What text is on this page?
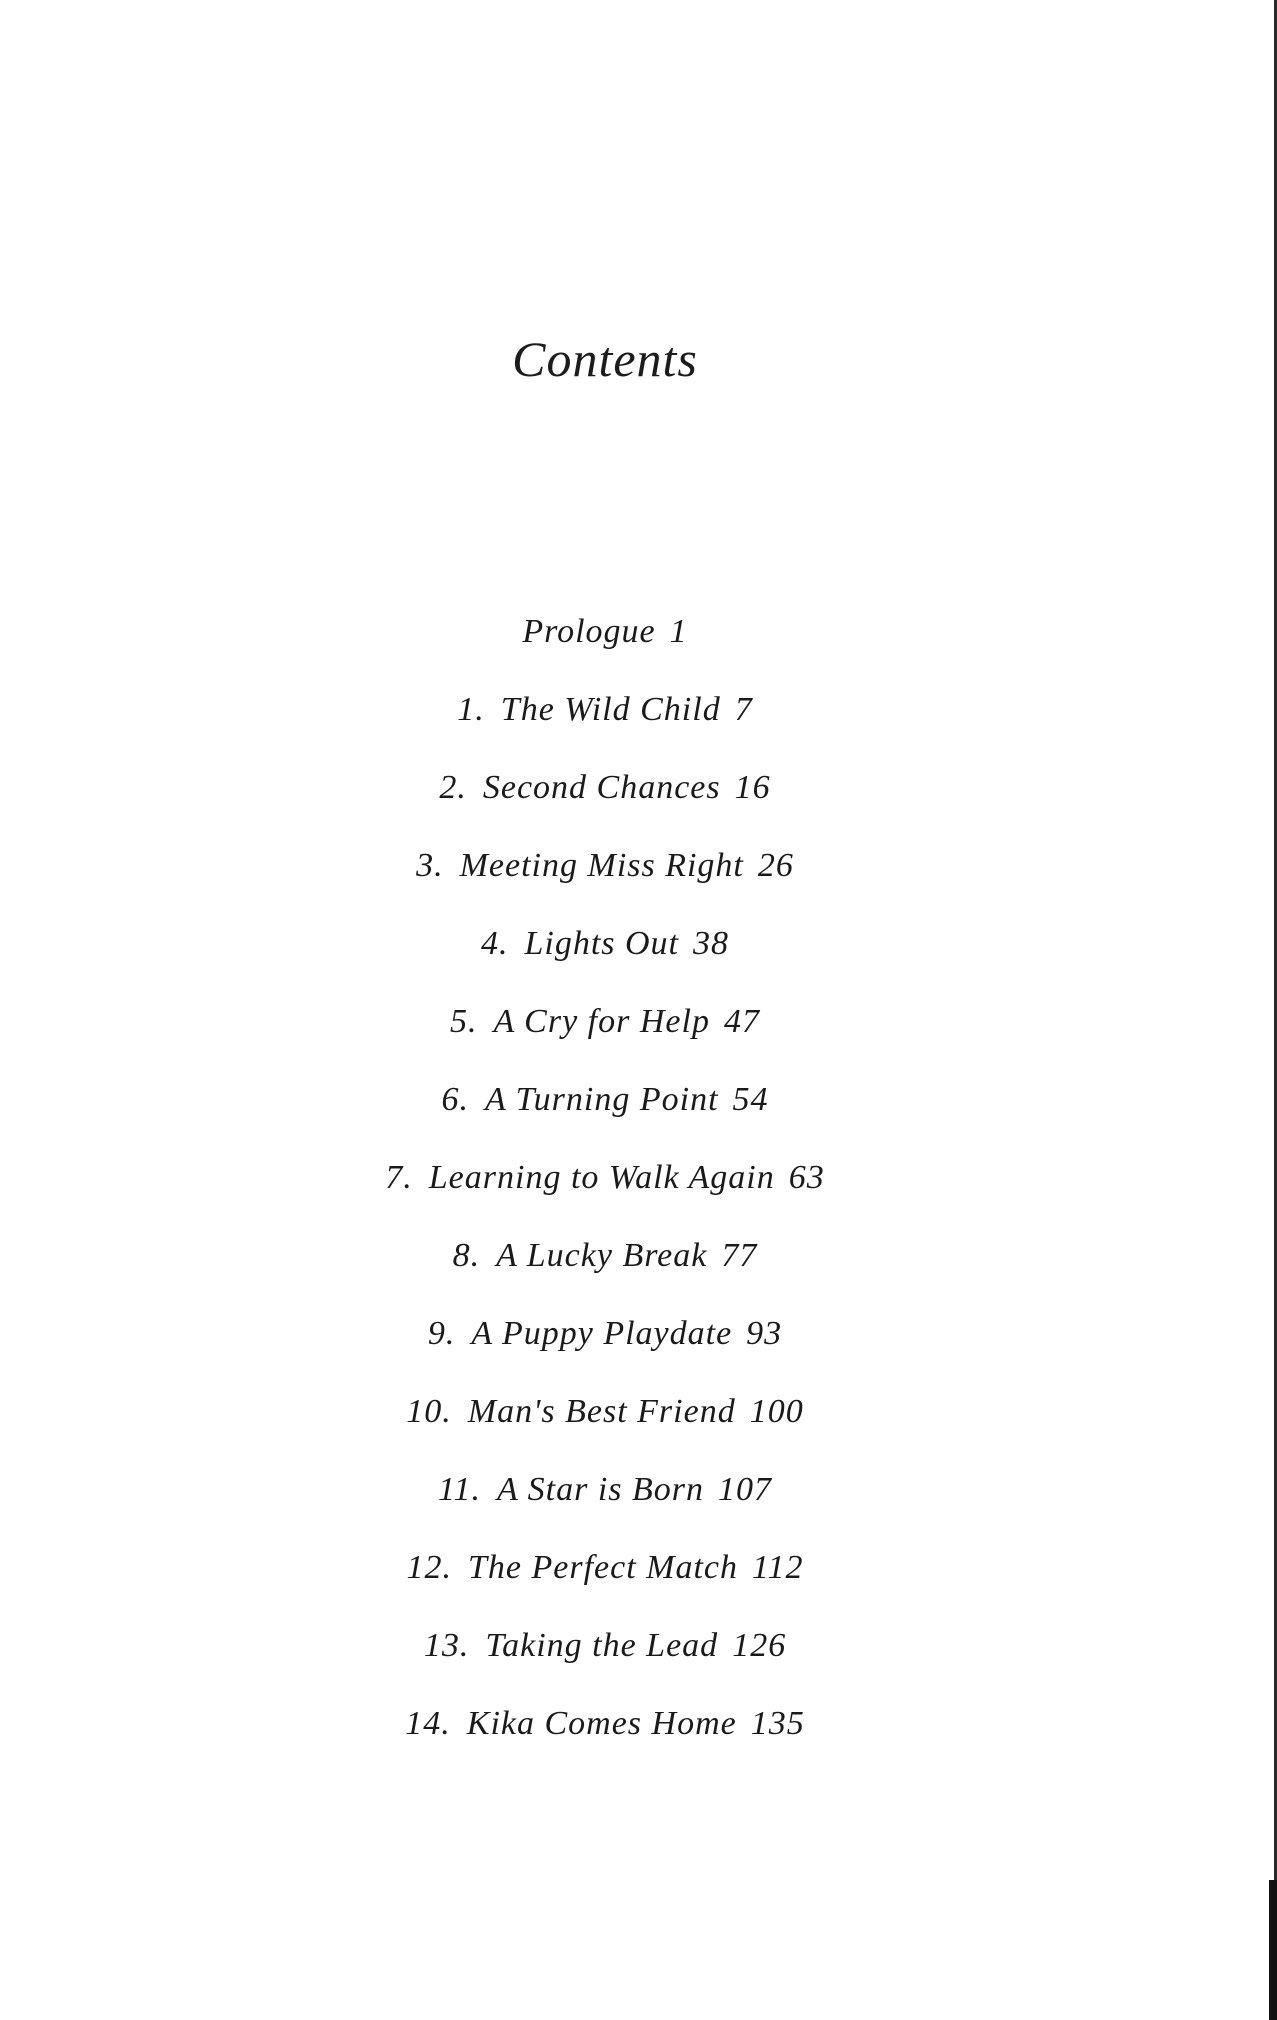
Contents
Prologue 1
1. The Wild Child 7
2. Second Chances 16
3. Meeting Miss Right 26
4. Lights Out 38
5. A Cry for Help 47
6. A Turning Point 54
7. Learning to Walk Again 63
8. A Lucky Break 77
9. A Puppy Playdate 93
10. Man's Best Friend 100
11. A Star is Born 107
12. The Perfect Match 112
13. Taking the Lead 126
14. Kika Comes Home 135
